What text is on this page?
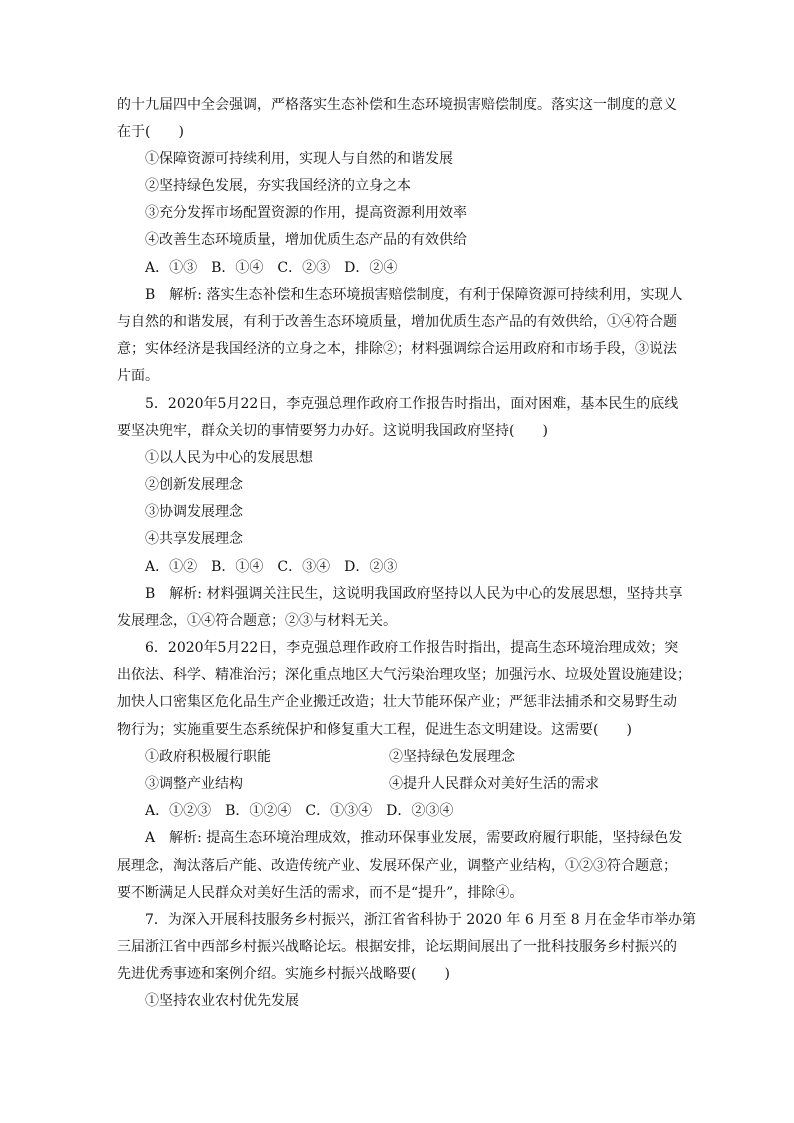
的十九届四中全会强调，严格落实生态补偿和生态环境损害赔偿制度。落实这一制度的意义
在于(　　)
①保障资源可持续利用，实现人与自然的和谐发展
②坚持绿色发展，夯实我国经济的立身之本
③充分发挥市场配置资源的作用，提高资源利用效率
④改善生态环境质量，增加优质生态产品的有效供给
A．①③　B．①④　C．②③　D．②④
B　解析: 落实生态补偿和生态环境损害赔偿制度，有利于保障资源可持续利用，实现人
与自然的和谐发展，有利于改善生态环境质量，增加优质生态产品的有效供给，①④符合题
意；实体经济是我国经济的立身之本，排除②；材料强调综合运用政府和市场手段，③说法
片面。
5．2020年5月22日，李克强总理作政府工作报告时指出，面对困难，基本民生的底线
要坚决兜牢，群众关切的事情要努力办好。这说明我国政府坚持(　　)
①以人民为中心的发展思想
②创新发展理念
③协调发展理念
④共享发展理念
A．①②　B．①④　C．③④　D．②③
B　解析: 材料强调关注民生，这说明我国政府坚持以人民为中心的发展思想，坚持共享
发展理念，①④符合题意；②③与材料无关。
6．2020年5月22日，李克强总理作政府工作报告时指出，提高生态环境治理成效；突
出依法、科学、精准治污；深化重点地区大气污染治理攻坚；加强污水、垃圾处置设施建设；
加快人口密集区危化品生产企业搬迁改造；壮大节能环保产业；严惩非法捕杀和交易野生动
物行为；实施重要生态系统保护和修复重大工程，促进生态文明建设。这需要(　　)
①政府积极履行职能	②坚持绿色发展理念
③调整产业结构	④提升人民群众对美好生活的需求
A．①②③　B．①②④　C．①③④　D．②③④
A　解析: 提高生态环境治理成效，推动环保事业发展，需要政府履行职能，坚持绿色发
展理念，淘汰落后产能、改造传统产业、发展环保产业，调整产业结构，①②③符合题意；
要不断满足人民群众对美好生活的需求，而不是“提升”，排除④。
7．为深入开展科技服务乡村振兴，浙江省省科协于 2020 年 6 月至 8 月在金华市举办第
三届浙江省中西部乡村振兴战略论坛。根据安排，论坛期间展出了一批科技服务乡村振兴的
先进优秀事迹和案例介绍。实施乡村振兴战略要(　　)
①坚持农业农村优先发展
